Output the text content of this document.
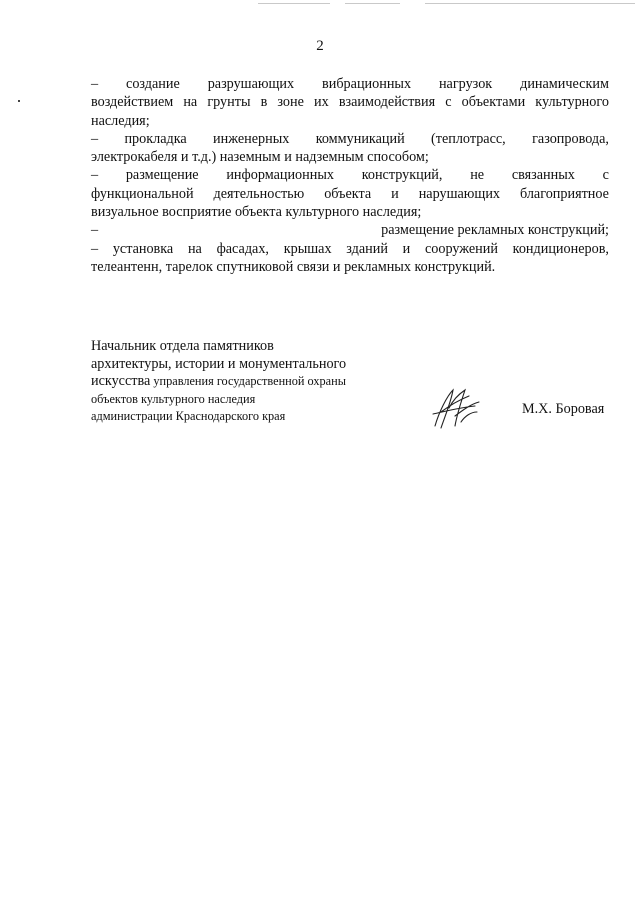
2
– создание разрушающих вибрационных нагрузок динамическим
воздействием на грунты в зоне их взаимодействия с объектами культурного
наследия;
– прокладка инженерных коммуникаций (теплотрасс, газопровода,
электрокабеля и т.д.) наземным и надземным способом;
– размещение информационных конструкций, не связанных с
функциональной деятельностью объекта и нарушающих благоприятное
визуальное восприятие объекта культурного наследия;
–	размещение рекламных конструкций;
– установка на фасадах, крышах зданий и сооружений кондиционеров,
телеантенн, тарелок спутниковой связи и рекламных конструкций.
Начальник отдела памятников
архитектуры, истории и монументального
искусства управления государственной охраны
объектов культурного наследия
администрации Краснодарского края	М.Х. Боровая
